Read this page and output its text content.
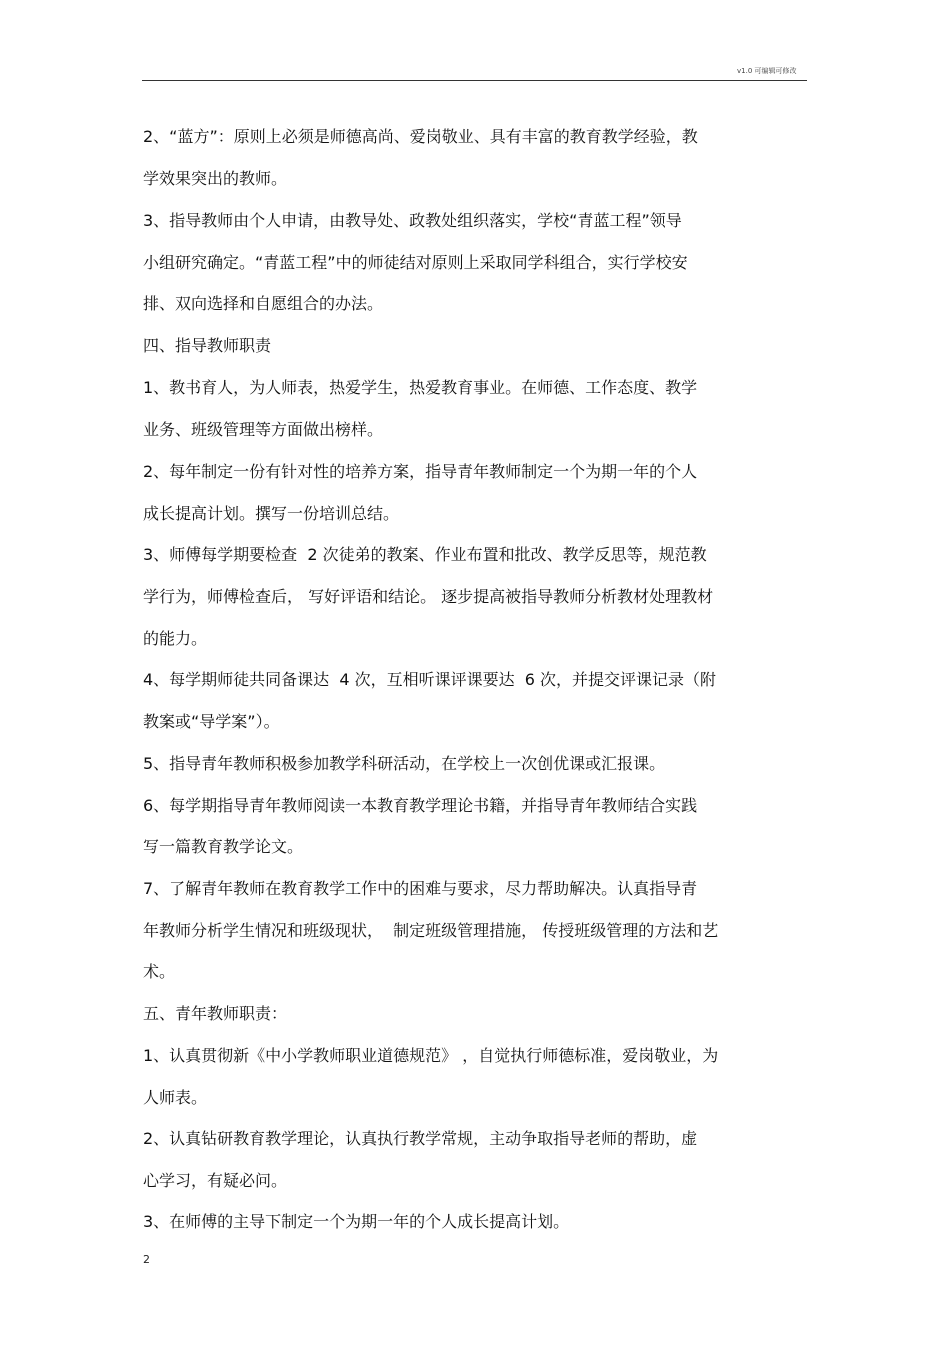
v1.0 可编辑可修改
2、“蓝方”：原则上必须是师德高尚、爱岗敬业、具有丰富的教育教学经验，教
学效果突出的教师。
3、指导教师由个人申请，由教导处、政教处组织落实，学校“青蓝工程”领导
小组研究确定。“青蓝工程”中的师徒结对原则上采取同学科组合，实行学校安
排、双向选择和自愿组合的办法。
四、指导教师职责
1、教书育人，为人师表，热爱学生，热爱教育事业。在师德、工作态度、教学
业务、班级管理等方面做出榜样。
2、每年制定一份有针对性的培养方案，指导青年教师制定一个为期一年的个人
成长提高计划。撰写一份培训总结。
3、师傅每学期要检查  2 次徒弟的教案、作业布置和批改、教学反思等，规范教
学行为，师傅检查后， 写好评语和结论。 逐步提高被指导教师分析教材处理教材
的能力。
4、每学期师徒共同备课达  4 次，互相听课评课要达  6 次，并提交评课记录（附
教案或“导学案”）。
5、指导青年教师积极参加教学科研活动，在学校上一次创优课或汇报课。
6、每学期指导青年教师阅读一本教育教学理论书籍，并指导青年教师结合实践
写一篇教育教学论文。
7、了解青年教师在教育教学工作中的困难与要求，尽力帮助解决。认真指导青
年教师分析学生情况和班级现状，  制定班级管理措施， 传授班级管理的方法和艺
术。
五、青年教师职责：
1、认真贯彻新《中小学教师职业道德规范》 ，自觉执行师德标准，爱岗敬业，为
人师表。
2、认真钻研教育教学理论，认真执行教学常规，主动争取指导老师的帮助，虚
心学习，有疑必问。
3、在师傅的主导下制定一个为期一年的个人成长提高计划。
2
